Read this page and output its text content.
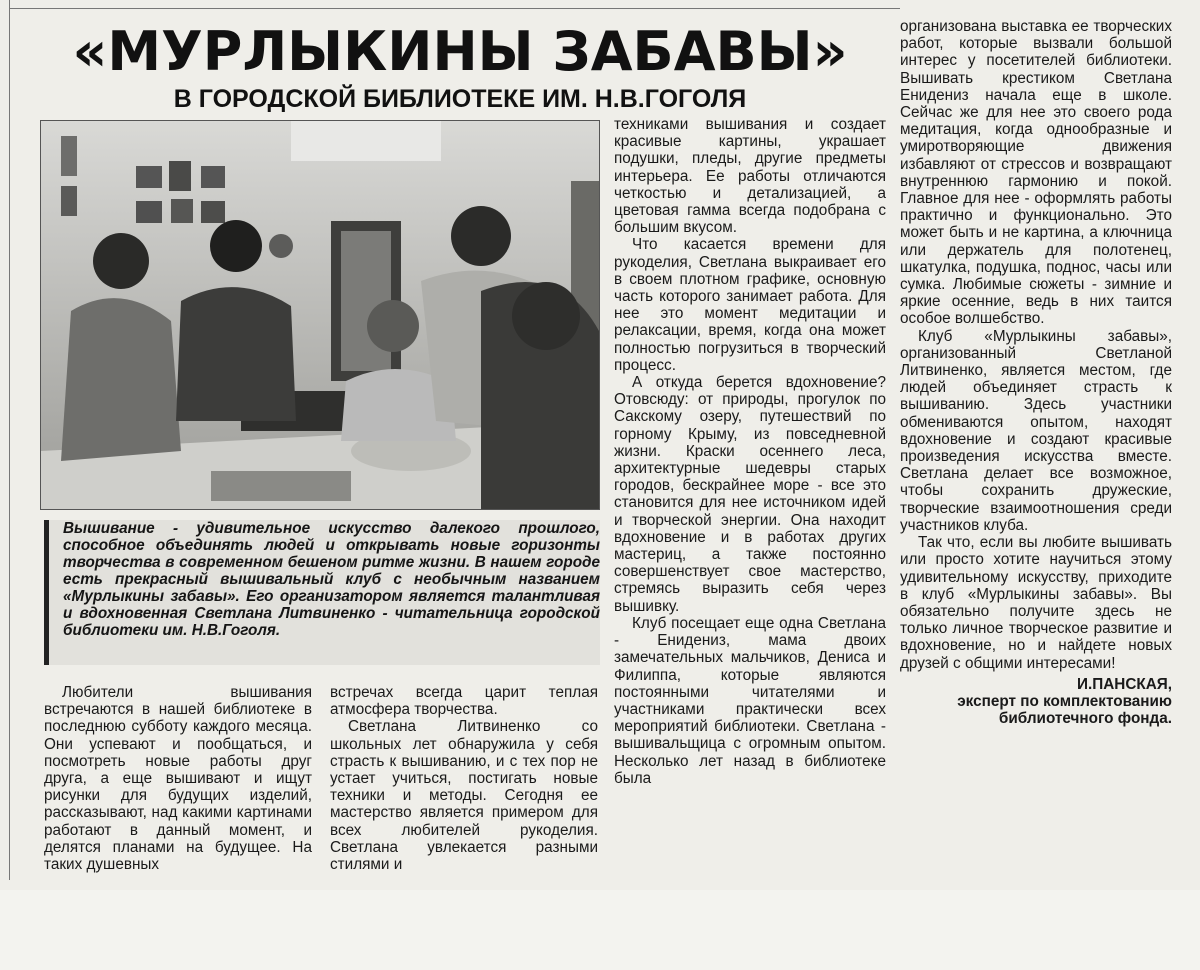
«МУРЛЫКИНЫ ЗАБАВЫ»
В ГОРОДСКОЙ БИБЛИОТЕКЕ ИМ. Н.В.ГОГОЛЯ

Вышивание - удивительное искусство далекого прошлого, способное объединять людей и открывать новые горизонты творчества в современном бешеном ритме жизни. В нашем городе есть прекрасный вышивальный клуб с необычным названием «Мурлыкины забавы». Его организатором является талантливая и вдохновенная Светлана Литвиненко - читательница городской библиотеки им. Н.В.Гоголя.

Любители вышивания встречаются в нашей библиотеке в последнюю субботу каждого месяца. Они успевают и пообщаться, и посмотреть новые работы друг друга, а еще вышивают и ищут рисунки для будущих изделий, рассказывают, над какими картинами работают в данный момент, и делятся планами на будущее. На таких душевных

встречах всегда царит теплая атмосфера творчества.

Светлана Литвиненко со школьных лет обнаружила у себя страсть к вышиванию, и с тех пор не устает учиться, постигать новые техники и методы. Сегодня ее мастерство является примером для всех любителей рукоделия. Светлана увлекается разными стилями и

техниками вышивания и создает красивые картины, украшает подушки, пледы, другие предметы интерьера. Ее работы отличаются четкостью и детализацией, а цветовая гамма всегда подобрана с большим вкусом.

Что касается времени для рукоделия, Светлана выкраивает его в своем плотном графике, основную часть которого занимает работа. Для нее это момент медитации и релаксации, время, когда она может полностью погрузиться в творческий процесс.

А откуда берется вдохновение? Отовсюду: от природы, прогулок по Сакскому озеру, путешествий по горному Крыму, из повседневной жизни. Краски осеннего леса, архитектурные шедевры старых городов, бескрайнее море - все это становится для нее источником идей и творческой энергии. Она находит вдохновение и в работах других мастериц, а также постоянно совершенствует свое мастерство, стремясь выразить себя через вышивку.

Клуб посещает еще одна Светлана - Енидениз, мама двоих замечательных мальчиков, Дениса и Филиппа, которые являются постоянными читателями и участниками практически всех мероприятий библиотеки. Светлана - вышивальщица с огромным опытом. Несколько лет назад в библиотеке была

организована выставка ее творческих работ, которые вызвали большой интерес у посетителей библиотеки. Вышивать крестиком Светлана Енидениз начала еще в школе. Сейчас же для нее это своего рода медитация, когда однообразные и умиротворяющие движения избавляют от стрессов и возвращают внутреннюю гармонию и покой. Главное для нее - оформлять работы практично и функционально. Это может быть и не картина, а ключница или держатель для полотенец, шкатулка, подушка, поднос, часы или сумка. Любимые сюжеты - зимние и яркие осенние, ведь в них таится особое волшебство.

Клуб «Мурлыкины забавы», организованный Светланой Литвиненко, является местом, где людей объединяет страсть к вышиванию. Здесь участники обмениваются опытом, находят вдохновение и создают красивые произведения искусства вместе. Светлана делает все возможное, чтобы сохранить дружеские, творческие взаимоотношения среди участников клуба.

Так что, если вы любите вышивать или просто хотите научиться этому удивительному искусству, приходите в клуб «Мурлыкины забавы». Вы обязательно получите здесь не только личное творческое развитие и вдохновение, но и найдете новых друзей с общими интересами!

И.ПАНСКАЯ,
эксперт по комплектованию
библиотечного фонда.
